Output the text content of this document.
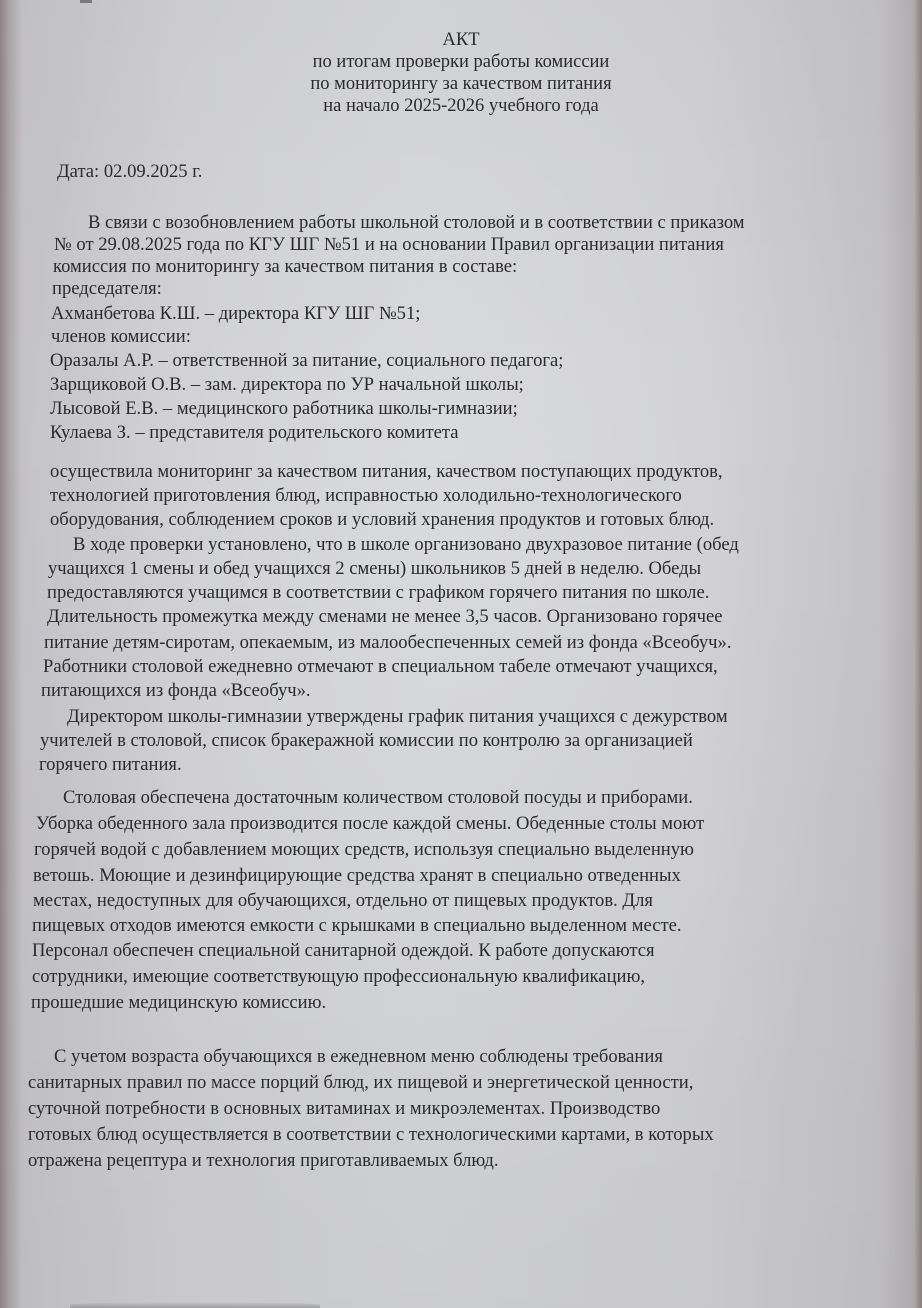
АКТ
по итогам проверки работы комиссии
по мониторингу за качеством питания
на начало 2025-2026 учебного года
Дата: 02.09.2025 г.
В связи с возобновлением работы школьной столовой и в соответствии с приказом
№ от 29.08.2025 года по КГУ ШГ №51 и на основании Правил организации питания
комиссия по мониторингу за качеством питания в составе:
председателя:
Ахманбетова К.Ш. – директора КГУ ШГ №51;
членов комиссии:
Оразалы А.Р. – ответственной за питание, социального педагога;
Зарщиковой О.В. – зам. директора по УР начальной школы;
Лысовой Е.В. – медицинского работника школы-гимназии;
Кулаева З. – представителя родительского комитета
осуществила мониторинг за качеством питания, качеством поступающих продуктов,
технологией приготовления блюд, исправностью холодильно-технологического
оборудования, соблюдением сроков и условий хранения продуктов и готовых блюд.
В ходе проверки установлено, что в школе организовано двухразовое питание (обед
учащихся 1 смены и обед учащихся 2 смены) школьников 5 дней в неделю. Обеды
предоставляются учащимся в соответствии с графиком горячего питания по школе.
Длительность промежутка между сменами не менее 3,5 часов. Организовано горячее
питание детям-сиротам, опекаемым, из малообеспеченных семей из фонда «Всеобуч».
Работники столовой ежедневно отмечают в специальном табеле отмечают учащихся,
питающихся из фонда «Всеобуч».
Директором школы-гимназии утверждены график питания учащихся с дежурством
учителей в столовой, список бракеражной комиссии по контролю за организацией
горячего питания.
Столовая обеспечена достаточным количеством столовой посуды и приборами.
Уборка обеденного зала производится после каждой смены. Обеденные столы моют
горячей водой с добавлением моющих средств, используя специально выделенную
ветошь. Моющие и дезинфицирующие средства хранят в специально отведенных
местах, недоступных для обучающихся, отдельно от пищевых продуктов. Для
пищевых отходов имеются емкости с крышками в специально выделенном месте.
Персонал обеспечен специальной санитарной одеждой. К работе допускаются
сотрудники, имеющие соответствующую профессиональную квалификацию,
прошедшие медицинскую комиссию.
С учетом возраста обучающихся в ежедневном меню соблюдены требования
санитарных правил по массе порций блюд, их пищевой и энергетической ценности,
суточной потребности в основных витаминах и микроэлементах. Производство
готовых блюд осуществляется в соответствии с технологическими картами, в которых
отражена рецептура и технология приготавливаемых блюд.
